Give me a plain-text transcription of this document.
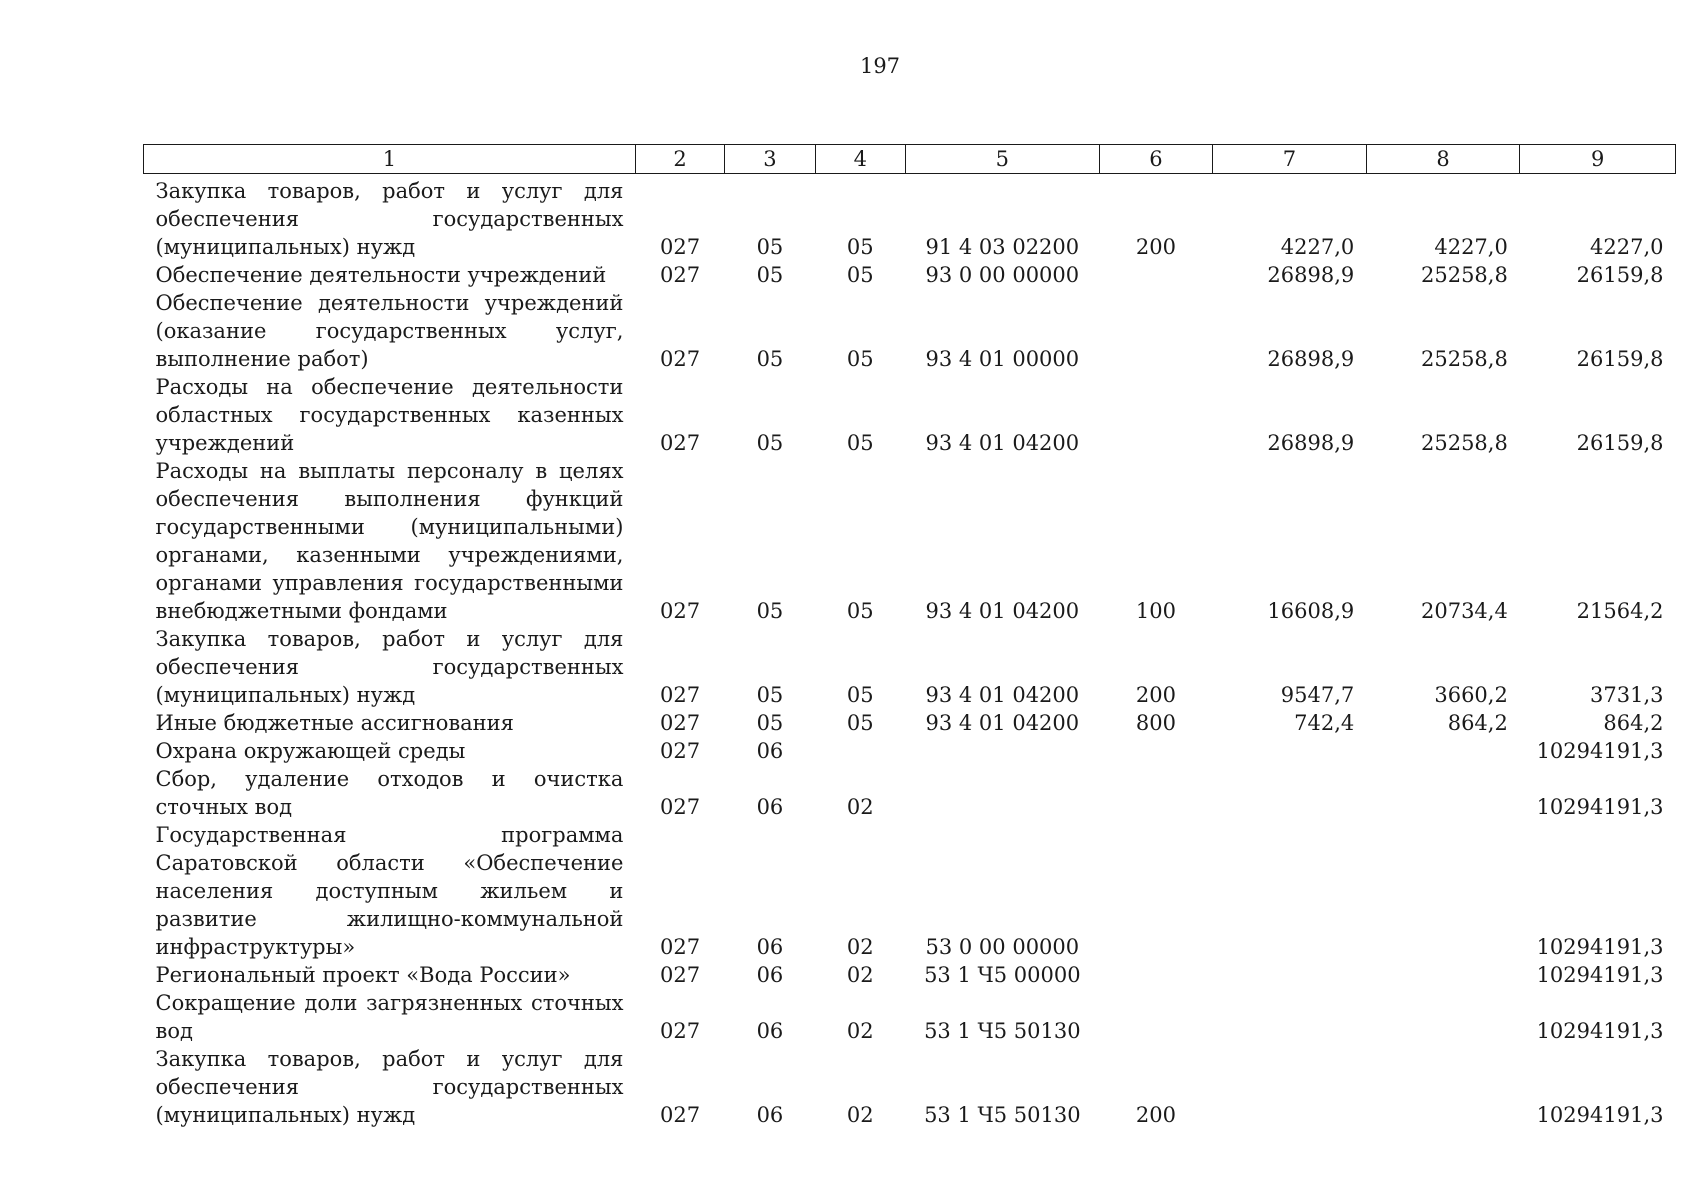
197
1	2	3	4	5	6	7	8	9
Закупка товаров, работ и услуг для обеспечения государственных (муниципальных) нужд	027	05	05	91 4 03 02200	200	4227,0	4227,0	4227,0
Обеспечение деятельности учреждений	027	05	05	93 0 00 00000		26898,9	25258,8	26159,8
Обеспечение деятельности учреждений (оказание государственных услуг, выполнение работ)	027	05	05	93 4 01 00000		26898,9	25258,8	26159,8
Расходы на обеспечение деятельности областных государственных казенных учреждений	027	05	05	93 4 01 04200		26898,9	25258,8	26159,8
Расходы на выплаты персоналу в целях обеспечения выполнения функций государственными (муниципальными) органами, казенными учреждениями, органами управления государственными внебюджетными фондами	027	05	05	93 4 01 04200	100	16608,9	20734,4	21564,2
Закупка товаров, работ и услуг для обеспечения государственных (муниципальных) нужд	027	05	05	93 4 01 04200	200	9547,7	3660,2	3731,3
Иные бюджетные ассигнования	027	05	05	93 4 01 04200	800	742,4	864,2	864,2
Охрана окружающей среды	027	06						10294191,3
Сбор, удаление отходов и очистка сточных вод	027	06	02					10294191,3
Государственная программа Саратовской области «Обеспечение населения доступным жильем и развитие жилищно-коммунальной инфраструктуры»	027	06	02	53 0 00 00000				10294191,3
Региональный проект «Вода России»	027	06	02	53 1 Ч5 00000				10294191,3
Сокращение доли загрязненных сточных вод	027	06	02	53 1 Ч5 50130				10294191,3
Закупка товаров, работ и услуг для обеспечения государственных (муниципальных) нужд	027	06	02	53 1 Ч5 50130	200			10294191,3
